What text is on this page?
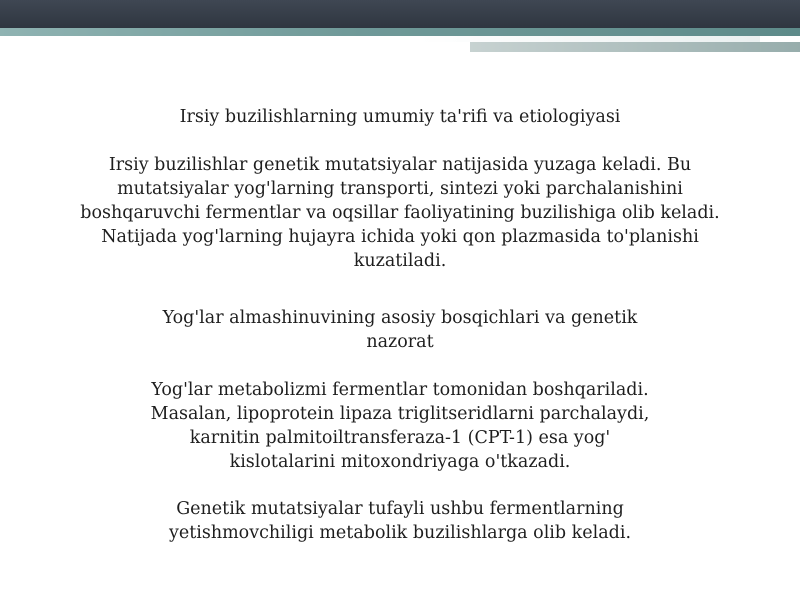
Irsiy buzilishlarning umumiy ta'rifi va etiologiyasi
Irsiy buzilishlar genetik mutatsiyalar natijasida yuzaga keladi. Bu
mutatsiyalar yog'larning transporti, sintezi yoki parchalanishini
boshqaruvchi fermentlar va oqsillar faoliyatining buzilishiga olib keladi.
Natijada yog'larning hujayra ichida yoki qon plazmasida to'planishi
kuzatiladi.
Yog'lar almashinuvining asosiy bosqichlari va genetik
nazorat
Yog'lar metabolizmi fermentlar tomonidan boshqariladi.
Masalan, lipoprotein lipaza triglitseridlarni parchalaydi,
karnitin palmitoiltransferaza-1 (CPT-1) esa yog'
kislotalarini mitoxondriyaga o'tkazadi.
Genetik mutatsiyalar tufayli ushbu fermentlarning
yetishmovchiligi metabolik buzilishlarga olib keladi.
